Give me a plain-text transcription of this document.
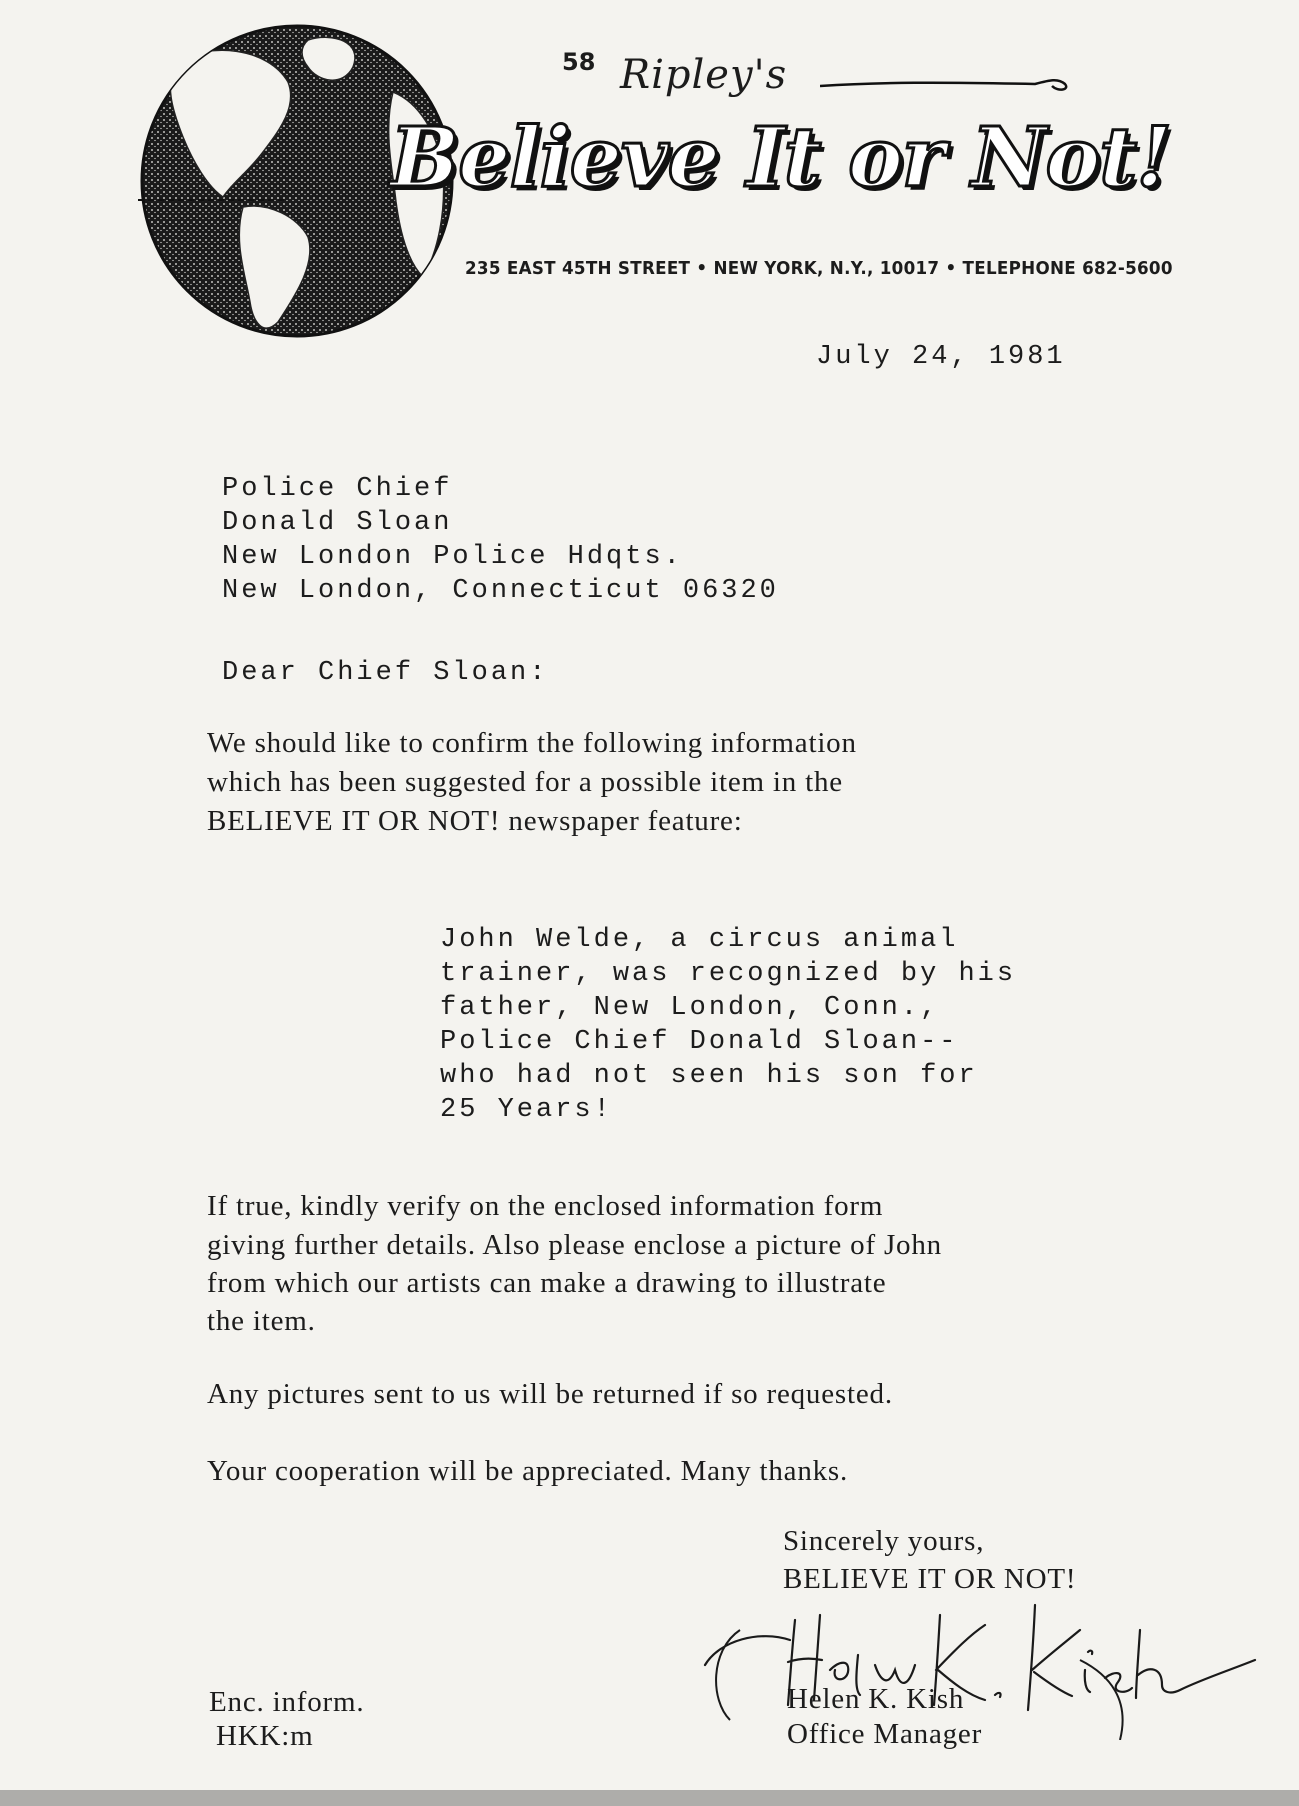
58 Ripley's
Believe It or Not!
235 EAST 45TH STREET • NEW YORK, N.Y., 10017 • TELEPHONE 682-5600
July 24, 1981
Police Chief
Donald Sloan
New London Police Hdqts.
New London, Connecticut 06320
Dear Chief Sloan:
We should like to confirm the following information
which has been suggested for a possible item in the
BELIEVE IT OR NOT! newspaper feature:
John Welde, a circus animal
trainer, was recognized by his
father, New London, Conn.,
Police Chief Donald Sloan--
who had not seen his son for
25 Years!
If true, kindly verify on the enclosed information form
giving further details. Also please enclose a picture of John
from which our artists can make a drawing to illustrate
the item.
Any pictures sent to us will be returned if so requested.
Your cooperation will be appreciated. Many thanks.
Sincerely yours,
BELIEVE IT OR NOT!
Helen K. Kish
Office Manager
Enc. inform.
HKK:m
